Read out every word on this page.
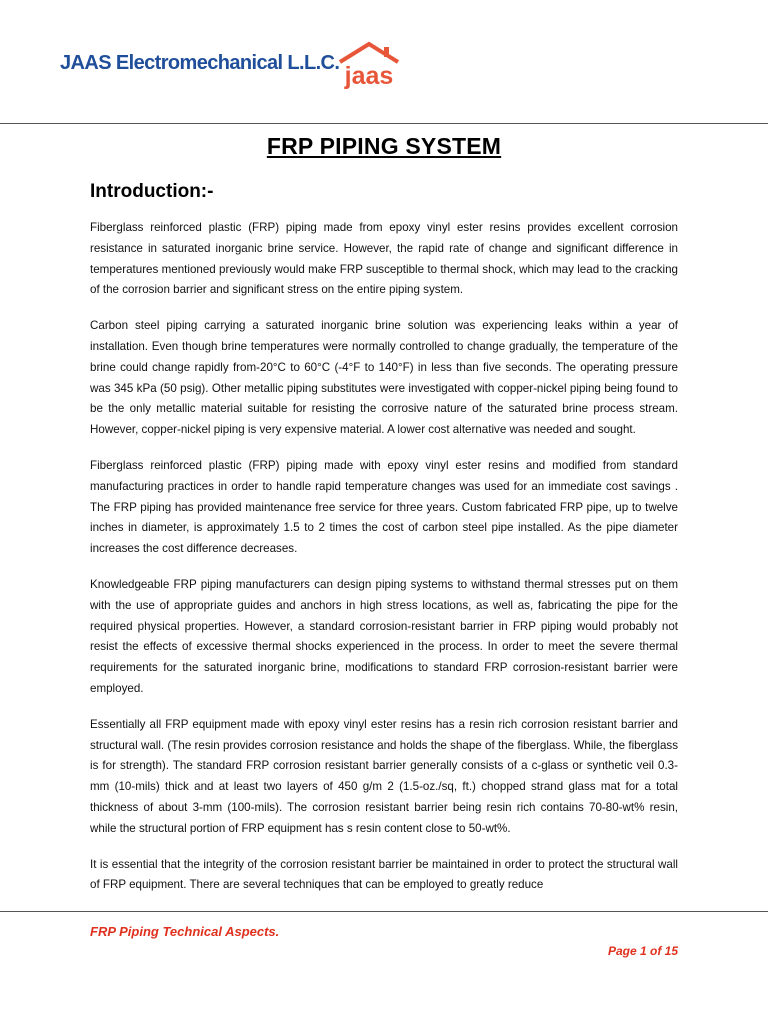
JAAS Electromechanical L.L.C. jaas
FRP PIPING SYSTEM
Introduction:-

Fiberglass reinforced plastic (FRP) piping made from epoxy vinyl ester resins provides excellent corrosion resistance in saturated inorganic brine service. However, the rapid rate of change and significant difference in temperatures mentioned previously would make FRP susceptible to thermal shock, which may lead to the cracking of the corrosion barrier and significant stress on the entire piping system.

Carbon steel piping carrying a saturated inorganic brine solution was experiencing leaks within a year of installation. Even though brine temperatures were normally controlled to change gradually, the temperature of the brine could change rapidly from-20°C to 60°C (-4°F to 140°F) in less than five seconds. The operating pressure was 345 kPa (50 psig). Other metallic piping substitutes were investigated with copper-nickel piping being found to be the only metallic material suitable for resisting the corrosive nature of the saturated brine process stream. However, copper-nickel piping is very expensive material. A lower cost alternative was needed and sought.

Fiberglass reinforced plastic (FRP) piping made with epoxy vinyl ester resins and modified from standard manufacturing practices in order to handle rapid temperature changes was used for an immediate cost savings . The FRP piping has provided maintenance free service for three years. Custom fabricated FRP pipe, up to twelve inches in diameter, is approximately 1.5 to 2 times the cost of carbon steel pipe installed. As the pipe diameter increases the cost difference decreases.

Knowledgeable FRP piping manufacturers can design piping systems to withstand thermal stresses put on them with the use of appropriate guides and anchors in high stress locations, as well as, fabricating the pipe for the required physical properties. However, a standard corrosion-resistant barrier in FRP piping would probably not resist the effects of excessive thermal shocks experienced in the process. In order to meet the severe thermal requirements for the saturated inorganic brine, modifications to standard FRP corrosion-resistant barrier were employed.

Essentially all FRP equipment made with epoxy vinyl ester resins has a resin rich corrosion resistant barrier and structural wall. (The resin provides corrosion resistance and holds the shape of the fiberglass. While, the fiberglass is for strength). The standard FRP corrosion resistant barrier generally consists of a c-glass or synthetic veil 0.3-mm (10-mils) thick and at least two layers of 450 g/m 2 (1.5-oz./sq, ft.) chopped strand glass mat for a total thickness of about 3-mm (100-mils). The corrosion resistant barrier being resin rich contains 70-80-wt% resin, while the structural portion of FRP equipment has s resin content close to 50-wt%.

It is essential that the integrity of the corrosion resistant barrier be maintained in order to protect the structural wall of FRP equipment. There are several techniques that can be employed to greatly reduce

FRP Piping Technical Aspects.
Page 1 of 15
